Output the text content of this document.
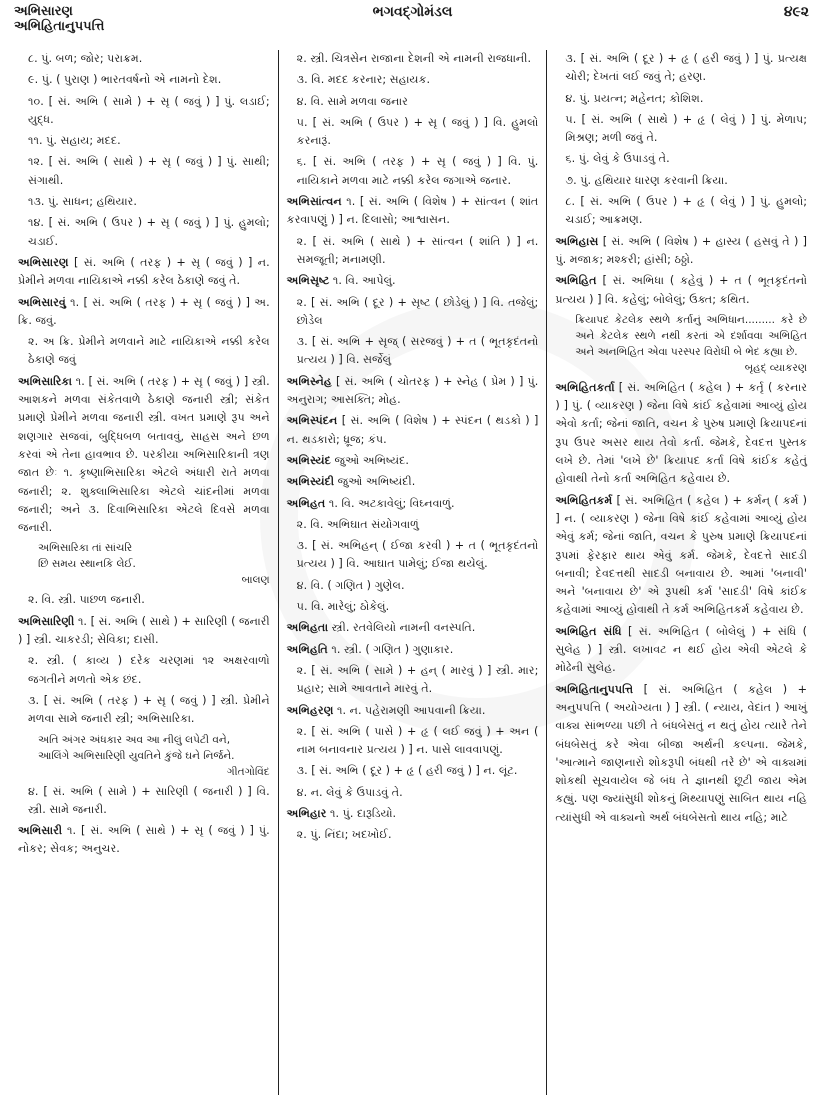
અભિસારણ
અભિહિતાનુપપત્તિ
ભગવદ્ગોમંડલ	૪૯૨
૮. પું. બળ; જોર; પરાક્રમ.
૯. પું. ( પુરાણ ) ભારતવર્ષનો એ નામનો દેશ.
૧૦. [ સં. અભિ ( સામે ) + સૃ ( જવું ) ] પું. લડાઈ; યુદ્ધ.
૧૧. પું. સહાય; મદદ.
૧૨. [ સં. અભિ ( સાથે ) + સૃ ( જવું ) ] પું. સાથી; સંગાથી.
૧૩. પું. સાધન; હથિયાર.
૧૪. [ સં. અભિ ( ઉપર ) + સૃ ( જવું ) ] પું. હુમલો; ચડાઈ.
અભિસારણ [ સં. અભિ ( તરફ ) + સૃ ( જવું ) ] ન. પ્રેમીને મળવા નાયિકાએ નક્કી કરેલ ઠેકાણે જવું તે.
અભિસારવું ૧. [ સં. અભિ ( તરફ ) + સૃ ( જવું ) ] અ. ક્રિ. જવું.
૨. અ ક્રિ. પ્રેમીને મળવાને માટે નાયિકાએ નક્કી કરેલ ઠેકાણે જવું
અભિસારિકા ૧. [ સં. અભિ ( તરફ ) + સૃ ( જવું ) ] સ્ત્રી. આશકને મળવા સંકેતવાળે ઠેકાણે જનારી સ્ત્રી; સંકેત પ્રમાણે પ્રેમીને મળવા જનારી સ્ત્રી. વખત પ્રમાણે રૂપ અને શણગાર સજવાં, બુદ્ધિબળ બતાવવું, સાહસ અને છળ કરવાં એ તેના હાવભાવ છે. પરકીયા અભિસારિકાની ત્રણ જાત છેઃ ૧. કૃષ્ણાભિસારિકા એટલે અંધારી રાતે મળવા જનારી; ૨. શુક્લાભિસારિકા એટલે ચાંદનીમાં મળવા જનારી; અને ૩. દિવાભિસારિકા એટલે દિવસે મળવા જનારી.
અભિસારિકા તાં સાંચરિ
છિ સમય સ્થાનકિ લેઈ.
બાલણ
૨. વિ. સ્ત્રી. પાછળ જનારી.
અભિસારિણી ૧. [ સં. અભિ ( સાથે ) + સારિણી ( જનારી ) ] સ્ત્રી. ચાકરડી; સેવિકા; દાસી.
૨. સ્ત્રી. ( કાવ્ય ) દરેક ચરણમાં ૧૨ અક્ષરવાળો જગતીને મળતો એક છંદ.
૩. [ સં. અભિ ( તરફ ) + સૃ ( જવું ) ] સ્ત્રી. પ્રેમીને મળવા સામે જનારી સ્ત્રી; અભિસારિકા.
અતિ અંગર અંધકાર અવ આ નીલું લપેટી વને,
આલિંગે અભિસારિણી યુવતિને કુંજે ઘને નિર્જને.
ગીતગોવિંદ
૪. [ સં. અભિ ( સામે ) + સારિણી ( જનારી ) ] વિ. સ્ત્રી. સામે જનારી.
અભિસારી ૧. [ સં. અભિ ( સાથે ) + સૃ ( જવું ) ] પું. નોકર; સેવક; અનુચર.
૨. સ્ત્રી. ચિત્રસેન રાજાના દેશની એ નામની રાજધાની.
૩. વિ. મદદ કરનાર; સહાયક.
૪. વિ. સામે મળવા જનાર
૫. [ સં. અભિ ( ઉપર ) + સૃ ( જવું ) ] વિ. હુમલો કરનારૂં.
૬. [ સં. અભિ ( તરફ ) + સૃ ( જવું ) ] વિ. પું. નાયિકાને મળવા માટે નક્કી કરેલ જગાએ જનાર.
અભિસાંત્વન ૧. [ સં. અભિ ( વિશેષ ) + સાંત્વન ( શાંત કરવાપણું ) ] ન. દિલાસો; આશ્વાસન.
૨. [ સં. અભિ ( સાથે ) + સાંત્વન ( શાંતિ ) ] ન. સમજૂતી; મનામણી.
અભિસૃષ્ટ ૧. વિ. આપેલું.
૨. [ સં. અભિ ( દૂર ) + સૃષ્ટ ( છોડેલું ) ] વિ. તજેલું; છોડેલ
૩. [ સં. અભિ + સૃજ્ ( સરજવું ) + ત ( ભૂતકૃદંતનો પ્રત્યય ) ] વિ. સર્જેલું
અભિસ્નેહ [ સં. અભિ ( ચોતરફ ) + સ્નેહ ( પ્રેમ ) ] પું. અનુરાગ; આસક્તિ; મોહ.
અભિસ્પંદન [ સં. અભિ ( વિશેષ ) + સ્પંદન ( થડકો ) ] ન. થડકારો; ધ્રૂજ; કંપ.
અભિસ્યંદ જુઓ અભિષ્યંદ.
અભિસ્યંદી જુઓ અભિષ્યંદી.
અભિહત ૧. વિ. અટકાવેલું; વિઘ્નવાળું.
૨. વિ. અભિઘાત સંયોગવાળું
૩. [ સં. અભિહન્ ( ઈજા કરવી ) + ત ( ભૂતકૃદંતનો પ્રત્યય ) ] વિ. આઘાત પામેલું; ઈજા થયેલું.
૪. વિ. ( ગણિત ) ગુણેલ.
૫. વિ. મારેલું; ઠોકેલું.
અભિહતા સ્ત્રી. રતવેલિયો નામની વનસ્પતિ.
અભિહતિ ૧. સ્ત્રી. ( ગણિત ) ગુણાકાર.
૨. [ સં. અભિ ( સામે ) + હન્ ( મારવું ) ] સ્ત્રી. માર; પ્રહાર; સામે આવતાને મારવું તે.
અભિહરણ ૧. ન. પહેરામણી આપવાની ક્રિયા.
૨. [ સં. અભિ ( પાસે ) + હૃ ( લઈ જવું ) + અન ( નામ બનાવનાર પ્રત્યય ) ] ન. પાસે લાવવાપણું.
૩. [ સં. અભિ ( દૂર ) + હૃ ( હરી જવું ) ] ન. લૂંટ.
૪. ન. લેવું કે ઉપાડવું તે.
અભિહાર ૧. પું. દારૂડિયો.
૨. પું. નિંદા; ખદખોઈ.
૩. [ સં. અભિ ( દૂર ) + હૃ ( હરી જવું ) ] પું. પ્રત્યક્ષ ચોરી; દેખતાં લઈ જવું તે; હરણ.
૪. પું. પ્રયત્ન; મહેનત; કોશિશ.
૫. [ સં. અભિ ( સાથે ) + હૃ ( લેવું ) ] પું. મેળાપ; મિશ્રણ; મળી જવું તે.
૬. પું. લેવું કે ઉપાડવું તે.
૭. પું. હથિયાર ધારણ કરવાની ક્રિયા.
૮. [ સં. અભિ ( ઉપર ) + હૃ ( લેવું ) ] પું. હુમલો; ચડાઈ; આક્રમણ.
અભિહાસ [ સં. અભિ ( વિશેષ ) + હાસ્ય ( હસવું તે ) ] પું. મજાક; મશ્કરી; હાંસી; ઠઠ્ઠો.
અભિહિત [ સં. અભિધા ( કહેવું ) + ત ( ભૂતકૃદંતનો પ્રત્યય ) ] વિ. કહેલું; બોલેલું; ઉક્ત; કથિત.
ક્રિયાપદ કેટલેક સ્થળે કર્તાનું અભિધાન......... કરે છે અને કેટલેક સ્થળે નથી કરતાં એ દર્શાવવા અભિહિત અને અનભિહિત એવા પરસ્પર વિરોધી બે ભેદ કહ્યા છે.
બૃહદ્ વ્યાકરણ
અભિહિતકર્તા [ સં. અભિહિત ( કહેલ ) + કર્તૃ ( કરનાર ) ] પું. ( વ્યાકરણ ) જેના વિષે કાંઈ કહેવામાં આવ્યું હોય એવો કર્તા; જેનાં જાતિ, વચન કે પુરુષ પ્રમાણે ક્રિયાપદનાં રૂપ ઉપર અસર થાય તેવો કર્તા. જેમકે, દેવદત્ત પુસ્તક લખે છે. તેમાં 'લખે છે' ક્રિયાપદ કર્તા વિષે કાંઈક કહેતું હોવાથી તેનો કર્તા અભિહિત કહેવાય છે.
અભિહિતકર્મ [ સં. અભિહિત ( કહેલ ) + કર્મન્ ( કર્મ ) ] ન. ( વ્યાકરણ ) જેના વિષે કાંઈ કહેવામાં આવ્યું હોય એવું કર્મ; જેનાં જાતિ, વચન કે પુરુષ પ્રમાણે ક્રિયાપદનાં રૂપમાં ફેરફાર થાય એવું કર્મ. જેમકે, દેવદત્તે સાદડી બનાવી; દેવદત્તથી સાદડી બનાવાય છે. આમાં 'બનાવી' અને 'બનાવાય છે' એ રૂપથી કર્મ 'સાદડી' વિષે કાંઈક કહેવામાં આવ્યું હોવાથી તે કર્મ અભિહિતકર્મ કહેવાય છે.
અભિહિત સંધિ [ સં. અભિહિત ( બોલેલું ) + સંધિ ( સુલેહ ) ] સ્ત્રી. લખાવટ ન થઈ હોય એવી એટલે કે મોઢેની સુલેહ.
અભિહિતાનુપપત્તિ [ સં. અભિહિત ( કહેલ ) + અનુપપત્તિ ( અયોગ્યતા ) ] સ્ત્રી. ( ન્યાય, વેદાંત ) આખું વાક્ય સાંભળ્યા પછી તે બંધબેસતું ન થતું હોય ત્યારે તેને બંધબેસતું કરે એવા બીજા અર્થની કલ્પના. જેમકે, 'આત્માને જાણનારો શોકરૂપી બંધથી તરે છે' એ વાક્યમાં શોકથી સૂચવાયેલ જે બંધ તે જ્ઞાનથી છૂટી જાય એમ કહ્યું. પણ જ્યાંસુધી શોકનું મિથ્યાપણું સાબિત થાય નહિ ત્યાંસુધી એ વાક્યનો અર્થ બંધબેસતો થાય નહિ; માટે
